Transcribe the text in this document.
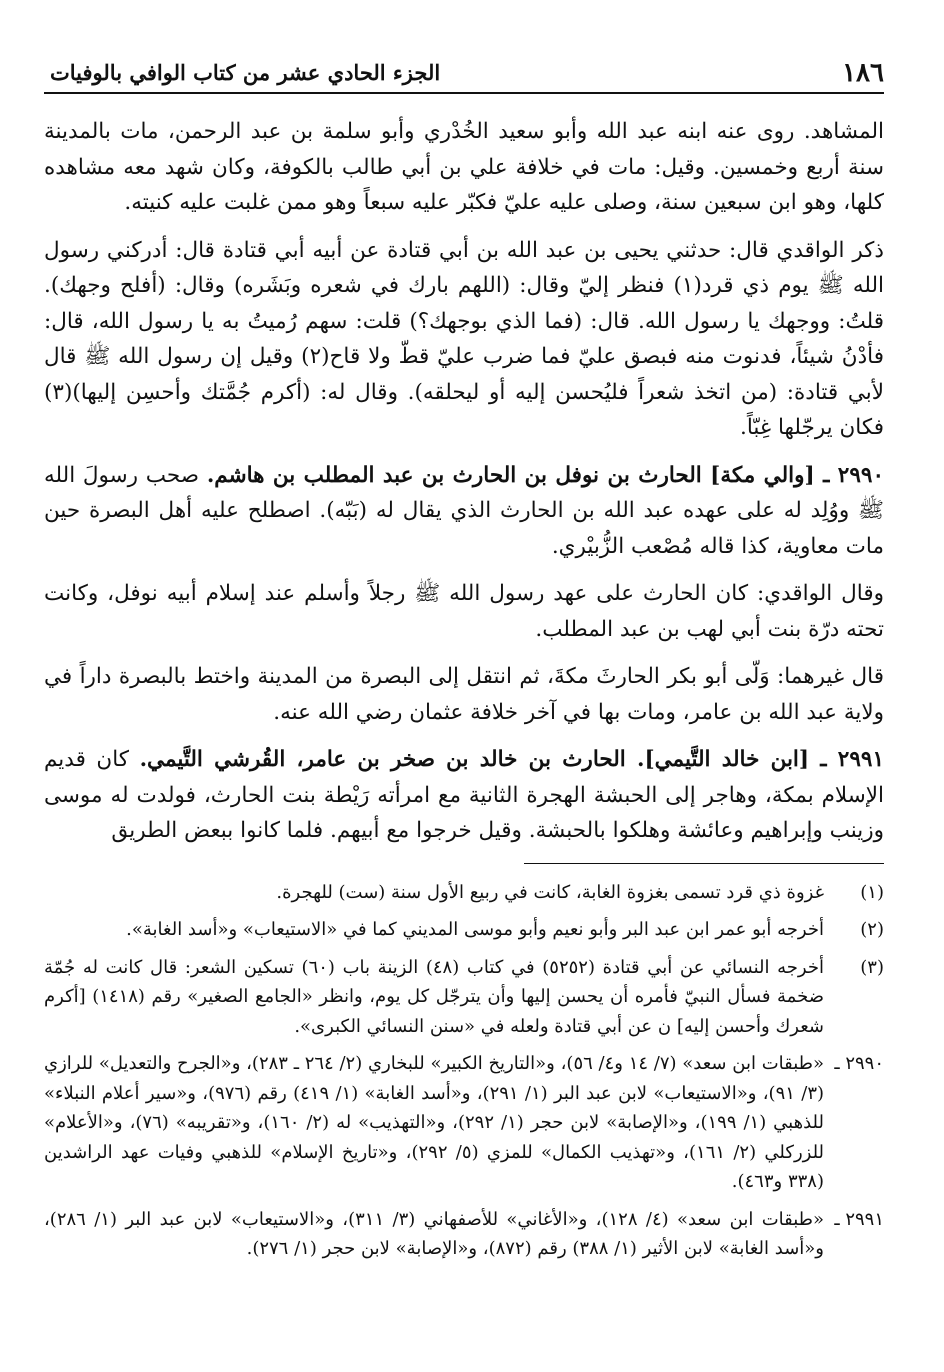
١٨٦
الجزء الحادي عشر من كتاب الوافي بالوفيات

المشاهد. روى عنه ابنه عبد الله وأبو سعيد الخُدْري وأبو سلمة بن عبد الرحمن، مات بالمدينة سنة أربع وخمسين. وقيل: مات في خلافة علي بن أبي طالب بالكوفة، وكان شهد معه مشاهده كلها، وهو ابن سبعين سنة، وصلى عليه عليّ فكبّر عليه سبعاً وهو ممن غلبت عليه كنيته.

ذكر الواقدي قال: حدثني يحيى بن عبد الله بن أبي قتادة عن أبيه أبي قتادة قال: أدركني رسول الله ﷺ يوم ذي قرد(١) فنظر إليّ وقال: (اللهم بارك في شعره وبَشَره) وقال: (أفلح وجهك). قلتُ: ووجهك يا رسول الله. قال: (فما الذي بوجهك؟) قلت: سهم رُميتُ به يا رسول الله، قال: فأدْنُ شيئاً، فدنوت منه فبصق عليّ فما ضرب عليّ قطّ ولا قاح(٢) وقيل إن رسول الله ﷺ قال لأبي قتادة: (من اتخذ شعراً فليُحسن إليه أو ليحلقه). وقال له: (أكرم جُمَّتك وأحسِن إليها)(٣) فكان يرجّلها غِبّاً.

٢٩٩٠ ـ [والي مكة] الحارث بن نوفل بن الحارث بن عبد المطلب بن هاشم. صحب رسولَ الله ﷺ ووُلِد له على عهده عبد الله بن الحارث الذي يقال له (بَبّه). اصطلح عليه أهل البصرة حين مات معاوية، كذا قاله مُصْعب الزُّبيْري.

وقال الواقدي: كان الحارث على عهد رسول الله ﷺ رجلاً وأسلم عند إسلام أبيه نوفل، وكانت تحته درّة بنت أبي لهب بن عبد المطلب.

قال غيرهما: وَلّى أبو بكر الحارثَ مكةَ، ثم انتقل إلى البصرة من المدينة واختط بالبصرة داراً في ولاية عبد الله بن عامر، ومات بها في آخر خلافة عثمان رضي الله عنه.

٢٩٩١ ـ [ابن خالد التَّيمي]. الحارث بن خالد بن صخر بن عامر، القُرشي التَّيمي. كان قديم الإسلام بمكة، وهاجر إلى الحبشة الهجرة الثانية مع امرأته رَيْطة بنت الحارث، فولدت له موسى وزينب وإبراهيم وعائشة وهلكوا بالحبشة. وقيل خرجوا مع أبيهم. فلما كانوا ببعض الطريق

(١)
غزوة ذي قرد تسمى بغزوة الغابة، كانت في ربيع الأول سنة (ست) للهجرة.
(٢)
أخرجه أبو عمر ابن عبد البر وأبو نعيم وأبو موسى المديني كما في «الاستيعاب» و«أسد الغابة».
(٣)
أخرجه النسائي عن أبي قتادة (٥٢٥٢) في كتاب (٤٨) الزينة باب (٦٠) تسكين الشعر: قال كانت له جُمّة ضخمة فسأل النبيّ فأمره أن يحسن إليها وأن يترجّل كل يوم، وانظر «الجامع الصغير» رقم (١٤١٨) [أكرم شعرك وأحسن إليه] ن عن أبي قتادة ولعله في «سنن النسائي الكبرى».
٢٩٩٠ ـ
«طبقات ابن سعد» (٧/ ١٤ و٤/ ٥٦)، و«التاريخ الكبير» للبخاري (٢/ ٢٦٤ ـ ٢٨٣)، و«الجرح والتعديل» للرازي (٣/ ٩١)، و«الاستيعاب» لابن عبد البر (١/ ٢٩١)، و«أسد الغابة» (١/ ٤١٩) رقم (٩٧٦)، و«سير أعلام النبلاء» للذهبي (١/ ١٩٩)، و«الإصابة» لابن حجر (١/ ٢٩٢)، و«التهذيب» له (٢/ ١٦٠)، و«تقريبه» (٧٦)، و«الأعلام» للزركلي (٢/ ١٦١)، و«تهذيب الكمال» للمزي (٥/ ٢٩٢)، و«تاريخ الإسلام» للذهبي وفيات عهد الراشدين (٣٣٨ و٤٦٣).
٢٩٩١ ـ
«طبقات ابن سعد» (٤/ ١٢٨)، و«الأغاني» للأصفهاني (٣/ ٣١١)، و«الاستيعاب» لابن عبد البر (١/ ٢٨٦)، و«أسد الغابة» لابن الأثير (١/ ٣٨٨) رقم (٨٧٢)، و«الإصابة» لابن حجر (١/ ٢٧٦).
